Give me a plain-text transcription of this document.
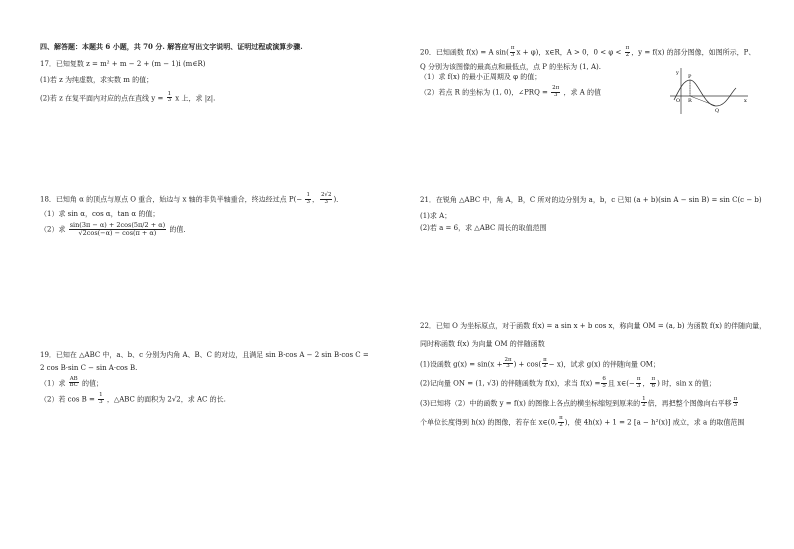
四、解答题：本题共 6 小题，共 70 分. 解答应写出文字说明、证明过程或演算步骤.
17．已知复数 z = m² + m − 2 + (m − 1)i (m∈R)
(1)若 z 为纯虚数，求实数 m 的值；
(2)若 z 在复平面内对应的点在直线 $y = \frac{1}{3}$ x 上，求 |z|.
18．已知角 α 的顶点与原点 O 重合，始边与 x 轴的非负半轴重合，终边经过点 $P(- \frac{1}{3}$ ， $\frac{2√2}{3}$ )．
（1）求 sin α，cos α，tan α 的值；
（2）求 $\frac{\sin(3\pi - \alpha) + 2\cos(5\pi/2 + \alpha)}{√2\cos(-\alpha) - \cos(\pi + \alpha)}$ 的值．
19．已知在 △ABC 中，a、b、c 分别为内角 A、B、C 的对边，且满足 sin B·cos A − 2 sin B·cos C =
2 cos B·sin C − sin A·cos B.
（1）求 $\frac{AB}{BC}$ 的值；
（2）若 $\cos B = \frac{1}{3}$ ，△ABC 的面积为 2√2，求 AC 的长.
20．已知函数 f(x) = A $\sin( \frac{\pi}{3}$ x + φ)，x∈R，A > 0，$0 < \varphi < \frac{\pi}{2}$ ，y = f(x) 的部分图像，如图所示，P、
Q 分别为该图像的最高点和最低点，点 P 的坐标为 (1, A).
（1）求 f(x) 的最小正周期及 φ 的值；
（2）若点 R 的坐标为 (1, 0)，∠PRQ = $\frac{2\pi}{3}$ ，求 A 的值
y
x
O
P
R
Q
21．在锐角 △ABC 中，角 A，B，C 所对的边分别为 a，b，c 已知 (a + b)(sin A − sin B) = sin C(c − b)
(1)求 A；
(2)若 a = 6，求 △ABC 周长的取值范围
22．已知 O 为坐标原点，对于函数 f(x) = a sin x + b cos x，称向量 OM = (a, b) 为函数 f(x) 的伴随向量，
同时称函数 f(x) 为向量 OM 的伴随函数
(1)设函数 $g(x) = \sin(x + \frac{2\pi}{3}$ ) + $\cos( \frac{\pi}{2} - x)$，试求 g(x) 的伴随向量 OM；
(2)记向量 ON = (1, √3) 的伴随函数为 f(x)，求当 $f(x) = \frac{6}{5}$ 且 x∈(− $\frac{\pi}{3}$ ， $\frac{\pi}{6}$ ) 时，sin x 的值；
(3)已知将（2）中的函数 y = f(x) 的图像上各点的横坐标缩短到原来的 $\frac{1}{2}$ 倍，再把整个图像向右平移 $\frac{\pi}{3}$
个单位长度得到 h(x) 的图像，若存在 x∈(0, $\frac{\pi}{2}$ )，使 4h(x) + 1 = 2 [a − h²(x)] 成立，求 a 的取值范围
